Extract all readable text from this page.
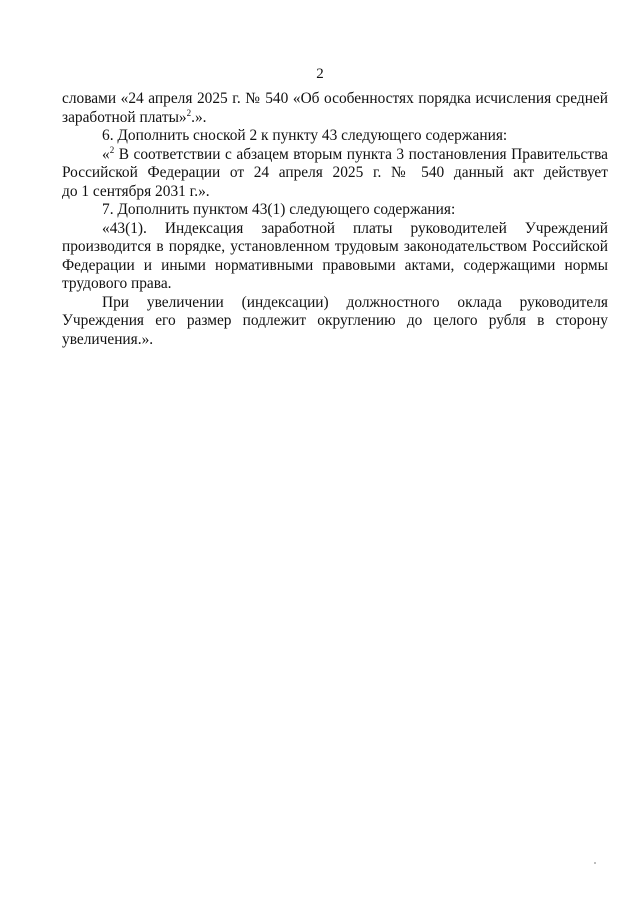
2
словами «24 апреля 2025 г. № 540 «Об особенностях порядка исчисления средней
заработной платы»$^2$.».
6. Дополнить сноской 2 к пункту 43 следующего содержания:
«$^2$ В соответствии с абзацем вторым пункта 3 постановления Правительства
Российской Федерации от 24 апреля 2025 г. № 540 данный акт действует
до 1 сентября 2031 г.».
7. Дополнить пунктом 43(1) следующего содержания:
«43(1). Индексация заработной платы руководителей Учреждений
производится в порядке, установленном трудовым законодательством Российской
Федерации и иными нормативными правовыми актами, содержащими нормы
трудового права.
При увеличении (индексации) должностного оклада руководителя
Учреждения его размер подлежит округлению до целого рубля в сторону
увеличения.».
